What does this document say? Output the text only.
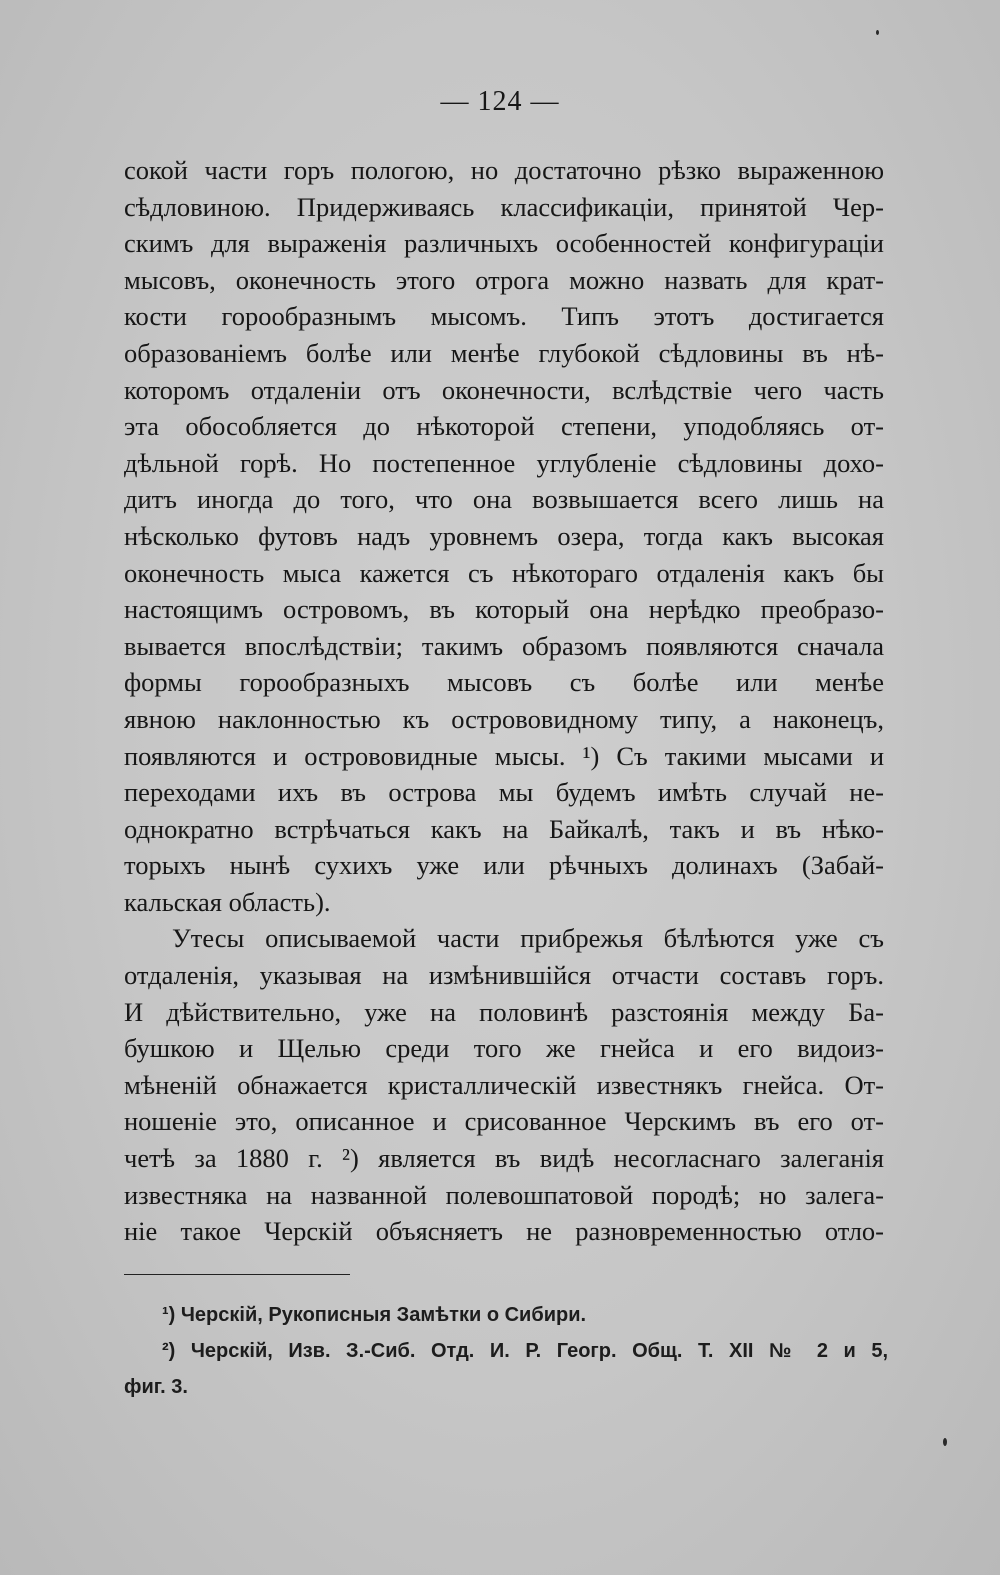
— 124 —
сокой части горъ пологою, но достаточно рѣзко выраженною
сѣдловиною. Придерживаясь классификаціи, принятой Чер-
скимъ для выраженія различныхъ особенностей конфигураціи
мысовъ, оконечность этого отрога можно назвать для крат-
кости горообразнымъ мысомъ. Типъ этотъ достигается
образованіемъ болѣе или менѣе глубокой сѣдловины въ нѣ-
которомъ отдаленіи отъ оконечности, вслѣдствіе чего часть
эта обособляется до нѣкоторой степени, уподобляясь от-
дѣльной горѣ. Но постепенное углубленіе сѣдловины дохо-
дитъ иногда до того, что она возвышается всего лишь на
нѣсколько футовъ надъ уровнемъ озера, тогда какъ высокая
оконечность мыса кажется съ нѣкотораго отдаленія какъ бы
настоящимъ островомъ, въ который она нерѣдко преобразо-
вывается впослѣдствіи; такимъ образомъ появляются сначала
формы горообразныхъ мысовъ съ болѣе или менѣе
явною наклонностью къ острововидному типу, а наконецъ,
появляются и острововидные мысы. ¹) Съ такими мысами и
переходами ихъ въ острова мы будемъ имѣть случай не-
однократно встрѣчаться какъ на Байкалѣ, такъ и въ нѣко-
торыхъ нынѣ сухихъ уже или рѣчныхъ долинахъ (Забай-
кальская область).
Утесы описываемой части прибрежья бѣлѣются уже съ
отдаленія, указывая на измѣнившійся отчасти составъ горъ.
И дѣйствительно, уже на половинѣ разстоянія между Ба-
бушкою и Щелью среди того же гнейса и его видоиз-
мѣненій обнажается кристаллическій известнякъ гнейса. От-
ношеніе это, описанное и срисованное Черскимъ въ его от-
четѣ за 1880 г. ²) является въ видѣ несогласнаго залеганія
известняка на названной полевошпатовой породѣ; но залега-
ніе такое Черскій объясняетъ не разновременностью отло-
¹) Черскій, Рукописныя Замѣтки о Сибири.
²) Черскій, Изв. З.-Сиб. Отд. И. Р. Геогр. Общ. Т. XII № 2 и 5,
фиг. 3.
